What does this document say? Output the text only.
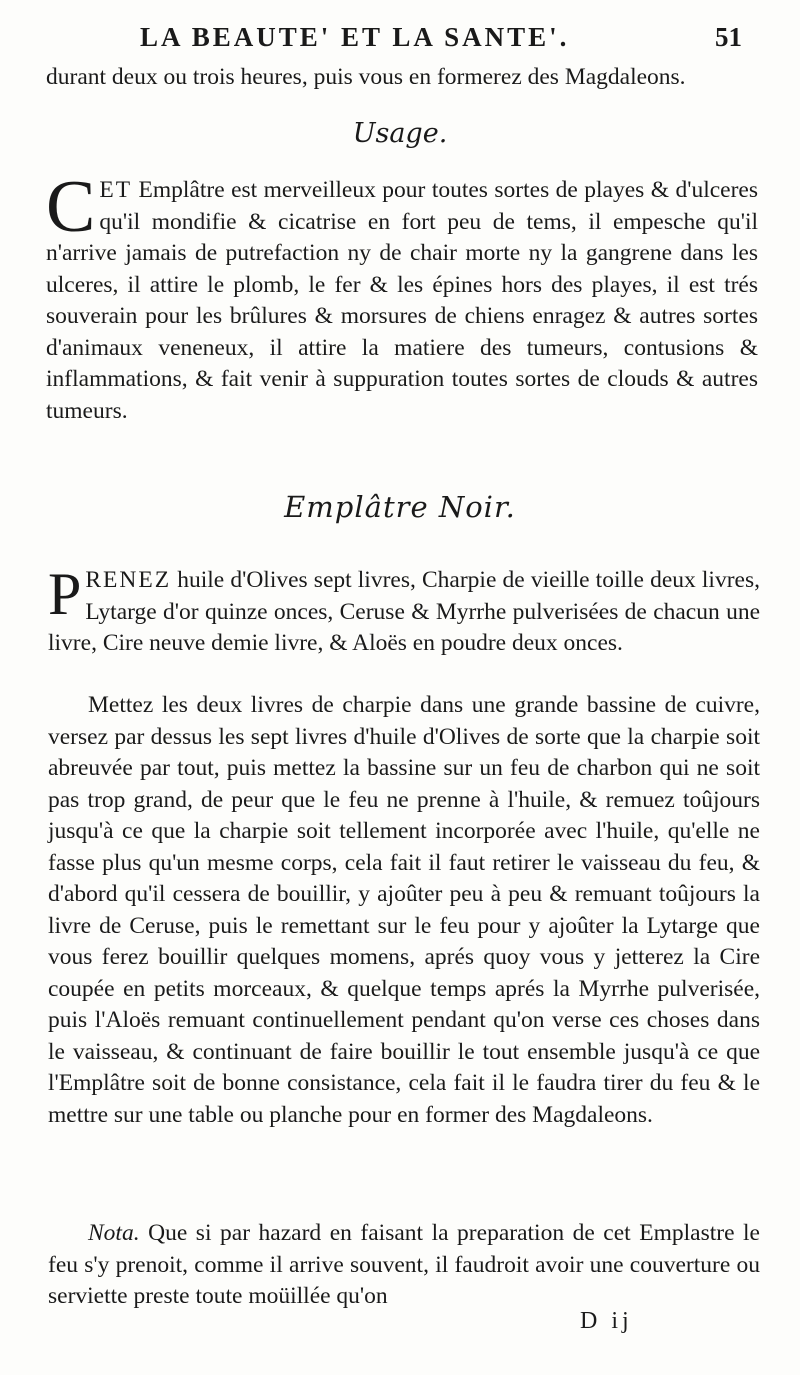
LA BEAUTE' ET LA SANTE'.	51
durant deux ou trois heures, puis vous en formerez des Magdaleons.
Usage.
CET Emplâtre est merveilleux pour toutes sortes de playes & d'ulceres qu'il mondifie & cicatrise en fort peu de tems, il empesche qu'il n'arrive jamais de putrefaction ny de chair morte ny la gangrene dans les ulceres, il attire le plomb, le fer & les épines hors des playes, il est trés souverain pour les brûlures & morsures de chiens enragez & autres sortes d'animaux veneneux, il attire la matiere des tumeurs, contusions & inflammations, & fait venir à suppuration toutes sortes de clouds & autres tumeurs.
Emplâtre Noir.
PRENEZ huile d'Olives sept livres, Charpie de vieille toille deux livres, Lytarge d'or quinze onces, Ceruse & Myrrhe pulverisées de chacun une livre, Cire neuve demie livre, & Aloës en poudre deux onces.
Mettez les deux livres de charpie dans une grande bassine de cuivre, versez par dessus les sept livres d'huile d'Olives de sorte que la charpie soit abreuvée par tout, puis mettez la bassine sur un feu de charbon qui ne soit pas trop grand, de peur que le feu ne prenne à l'huile, & remuez toûjours jusqu'à ce que la charpie soit tellement incorporée avec l'huile, qu'elle ne fasse plus qu'un mesme corps, cela fait il faut retirer le vaisseau du feu, & d'abord qu'il cessera de bouillir, y ajoûter peu à peu & remuant toûjours la livre de Ceruse, puis le remettant sur le feu pour y ajoûter la Lytarge que vous ferez bouillir quelques momens, aprés quoy vous y jetterez la Cire coupée en petits morceaux, & quelque temps aprés la Myrrhe pulverisée, puis l'Aloës remuant continuellement pendant qu'on verse ces choses dans le vaisseau, & continuant de faire bouillir le tout ensemble jusqu'à ce que l'Emplâtre soit de bonne consistance, cela fait il le faudra tirer du feu & le mettre sur une table ou planche pour en former des Magdaleons.
Nota. Que si par hazard en faisant la preparation de cet Emplastre le feu s'y prenoit, comme il arrive souvent, il faudroit avoir une couverture ou serviette preste toute moüillée qu'on
D ij
